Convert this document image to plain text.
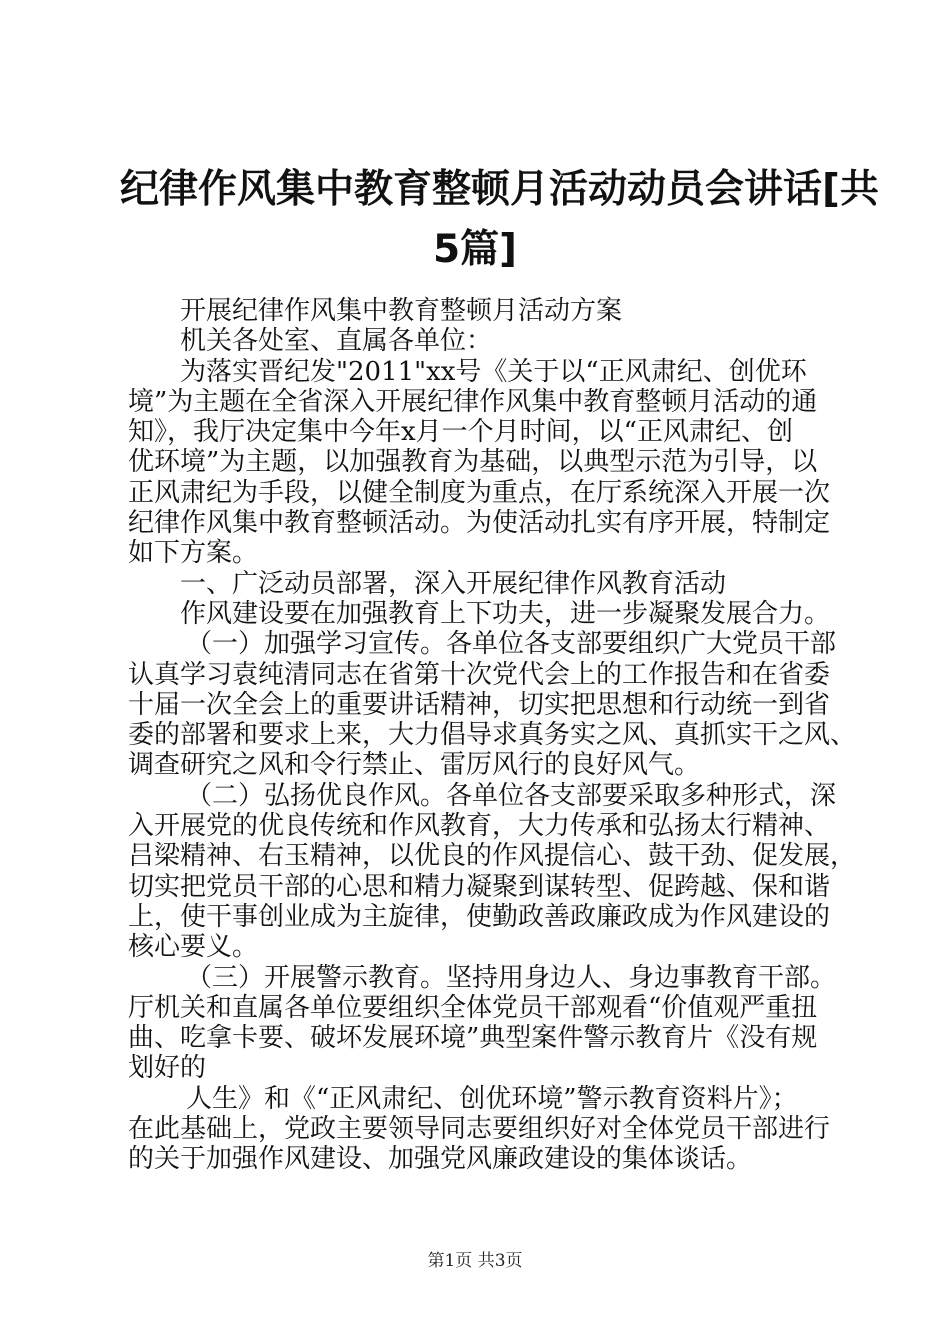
纪律作风集中教育整顿月活动动员会讲话[共
5篇]

开展纪律作风集中教育整顿月活动方案

机关各处室、直属各单位：

为落实晋纪发"2011"xx号《关于以“正风肃纪、创优环
境”为主题在全省深入开展纪律作风集中教育整顿月活动的通
知》，我厅决定集中今年x月一个月时间，以“正风肃纪、创
优环境”为主题，以加强教育为基础，以典型示范为引导，以
正风肃纪为手段，以健全制度为重点，在厅系统深入开展一次
纪律作风集中教育整顿活动。为使活动扎实有序开展，特制定
如下方案。

一、广泛动员部署，深入开展纪律作风教育活动

作风建设要在加强教育上下功夫，进一步凝聚发展合力。

（一）加强学习宣传。各单位各支部要组织广大党员干部
认真学习袁纯清同志在省第十次党代会上的工作报告和在省委
十届一次全会上的重要讲话精神，切实把思想和行动统一到省
委的部署和要求上来，大力倡导求真务实之风、真抓实干之风、
调查研究之风和令行禁止、雷厉风行的良好风气。
（二）弘扬优良作风。各单位各支部要采取多种形式，深
入开展党的优良传统和作风教育，大力传承和弘扬太行精神、
吕梁精神、右玉精神，以优良的作风提信心、鼓干劲、促发展，
切实把党员干部的心思和精力凝聚到谋转型、促跨越、保和谐
上，使干事创业成为主旋律，使勤政善政廉政成为作风建设的
核心要义。
（三）开展警示教育。坚持用身边人、身边事教育干部。
厅机关和直属各单位要组织全体党员干部观看“价值观严重扭
曲、吃拿卡要、破坏发展环境”典型案件警示教育片《没有规
划好的
人生》和《“正风肃纪、创优环境”警示教育资料片》；
在此基础上，党政主要领导同志要组织好对全体党员干部进行
的关于加强作风建设、加强党风廉政建设的集体谈话。
第1页 共3页
